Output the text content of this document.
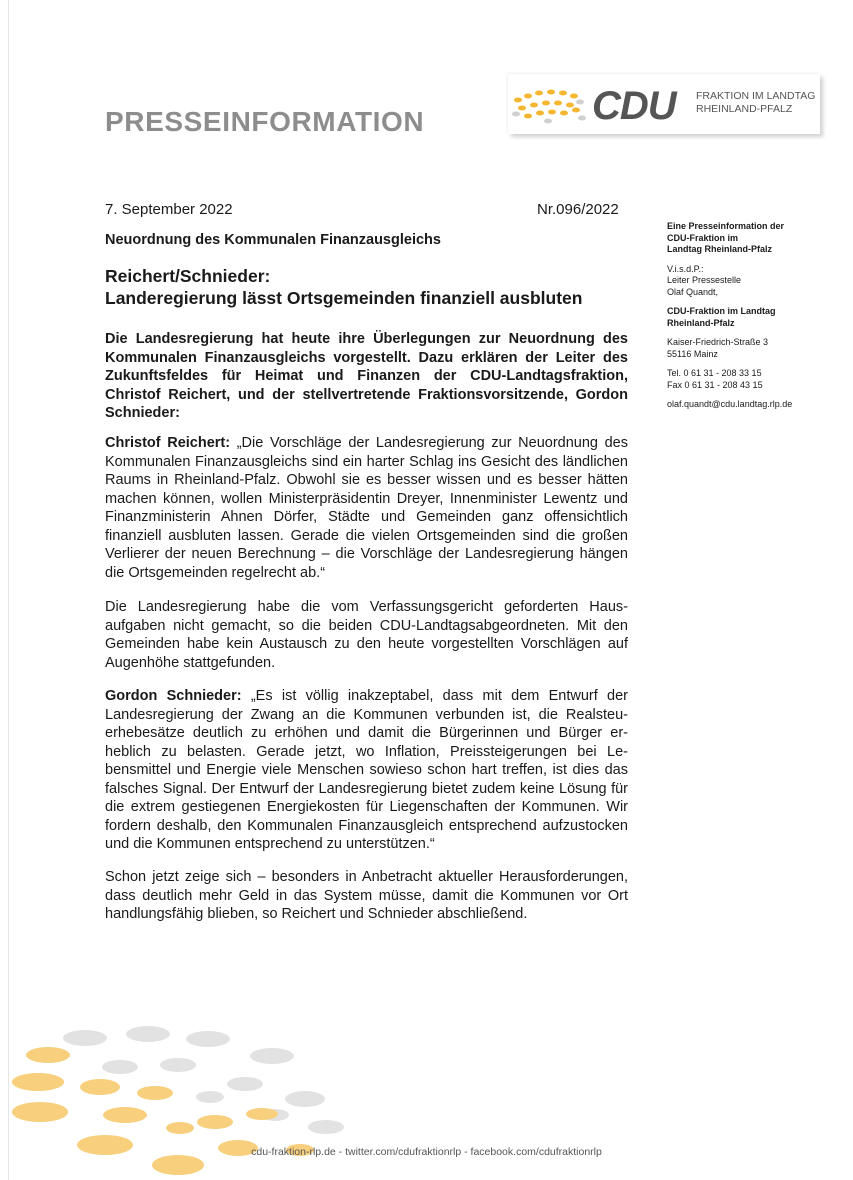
PRESSEINFORMATION	CDU FRAKTION IM LANDTAG
RHEINLAND-PFALZ
7. September 2022	Nr.096/2022
Neuordnung des Kommunalen Finanzausgleichs
Reichert/Schnieder:
Landeregierung lässt Ortsgemeinden finanziell ausbluten
Die Landesregierung hat heute ihre Überlegungen zur Neuordnung des Kommunalen Finanzausgleichs vorgestellt. Dazu erklären der Leiter des Zukunftsfeldes für Heimat und Finanzen der CDU-Landtagsfraktion, Christof Reichert, und der stellvertretende Fraktionsvorsitzende, Gordon Schnieder:
Christof Reichert: „Die Vorschläge der Landesregierung zur Neuordnung des Kommunalen Finanzausgleichs sind ein harter Schlag ins Gesicht des ländlichen Raums in Rheinland-Pfalz. Obwohl sie es besser wissen und es besser hätten machen können, wollen Ministerpräsidentin Dreyer, Innenminister Lewentz und Finanzministerin Ahnen Dörfer, Städte und Gemeinden ganz offensichtlich finanziell ausbluten lassen. Gerade die vielen Ortsgemeinden sind die großen Verlierer der neuen Berechnung – die Vorschläge der Landesregierung hängen die Ortsgemeinden regelrecht ab.“
Die Landesregierung habe die vom Verfassungsgericht geforderten Hausaufgaben nicht gemacht, so die beiden CDU-Landtagsabgeordneten. Mit den Gemeinden habe kein Austausch zu den heute vorgestellten Vorschlägen auf Augenhöhe stattgefunden.
Gordon Schnieder: „Es ist völlig inakzeptabel, dass mit dem Entwurf der Landesregierung der Zwang an die Kommunen verbunden ist, die Realsteuerhebesätze deutlich zu erhöhen und damit die Bürgerinnen und Bürger erheblich zu belasten. Gerade jetzt, wo Inflation, Preissteigerungen bei Lebensmittel und Energie viele Menschen sowieso schon hart treffen, ist dies das falsches Signal. Der Entwurf der Landesregierung bietet zudem keine Lösung für die extrem gestiegenen Energiekosten für Liegenschaften der Kommunen. Wir fordern deshalb, den Kommunalen Finanzausgleich entsprechend aufzustocken und die Kommunen entsprechend zu unterstützen.“
Schon jetzt zeige sich – besonders in Anbetracht aktueller Herausforderungen, dass deutlich mehr Geld in das System müsse, damit die Kommunen vor Ort handlungsfähig blieben, so Reichert und Schnieder abschließend.
Eine Presseinformation der
CDU-Fraktion im
Landtag Rheinland-Pfalz
V.i.s.d.P.:
Leiter Pressestelle
Olaf Quandt,
CDU-Fraktion im Landtag
Rheinland-Pfalz
Kaiser-Friedrich-Straße 3
55116 Mainz
Tel. 0 61 31 - 208 33 15
Fax 0 61 31 - 208 43 15
olaf.quandt@cdu.landtag.rlp.de
cdu-fraktion-rlp.de - twitter.com/cdufraktionrlp - facebook.com/cdufraktionrlp
